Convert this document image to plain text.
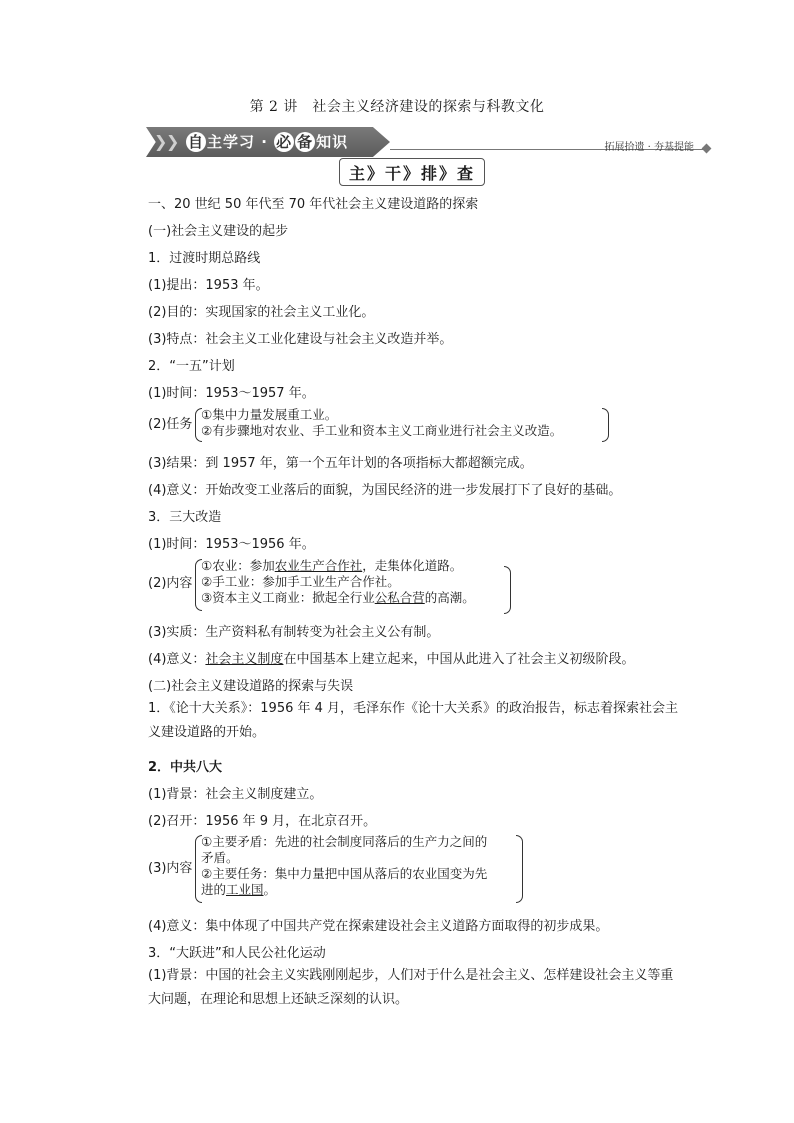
第 2 讲　社会主义经济建设的探索与科教文化
❯
❯ 自 主学习 · 必 备 知识	拓展拾遗 · 夯基提能
主》干》排》查
一、20 世纪 50 年代至 70 年代社会主义建设道路的探索
(一)社会主义建设的起步
1．过渡时期总路线
(1)提出：1953 年。
(2)目的：实现国家的社会主义工业化。
(3)特点：社会主义工业化建设与社会主义改造并举。
2．“一五”计划
(1)时间：1953～1957 年。
(2)任务
①集中力量发展重工业。
②有步骤地对农业、手工业和资本主义工商业进行社会主义改造。
(3)结果：到 1957 年，第一个五年计划的各项指标大都超额完成。
(4)意义：开始改变工业落后的面貌，为国民经济的进一步发展打下了良好的基础。
3．三大改造
(1)时间：1953～1956 年。
(2)内容
①农业：参加农业生产合作社，走集体化道路。
②手工业：参加手工业生产合作社。
③资本主义工商业：掀起全行业公私合营的高潮。
(3)实质：生产资料私有制转变为社会主义公有制。
(4)意义：社会主义制度在中国基本上建立起来，中国从此进入了社会主义初级阶段。
(二)社会主义建设道路的探索与失误
1．《论十大关系》：1956 年 4 月，毛泽东作《论十大关系》的政治报告，标志着探索社会主义建设道路的开始。
2．中共八大
(1)背景：社会主义制度建立。
(2)召开：1956 年 9 月，在北京召开。
(3)内容
①主要矛盾：先进的社会制度同落后的生产力之间的
矛盾。
②主要任务：集中力量把中国从落后的农业国变为先
进的工业国。
(4)意义：集中体现了中国共产党在探索建设社会主义道路方面取得的初步成果。
3．“大跃进”和人民公社化运动
(1)背景：中国的社会主义实践刚刚起步，人们对于什么是社会主义、怎样建设社会主义等重大问题，在理论和思想上还缺乏深刻的认识。
